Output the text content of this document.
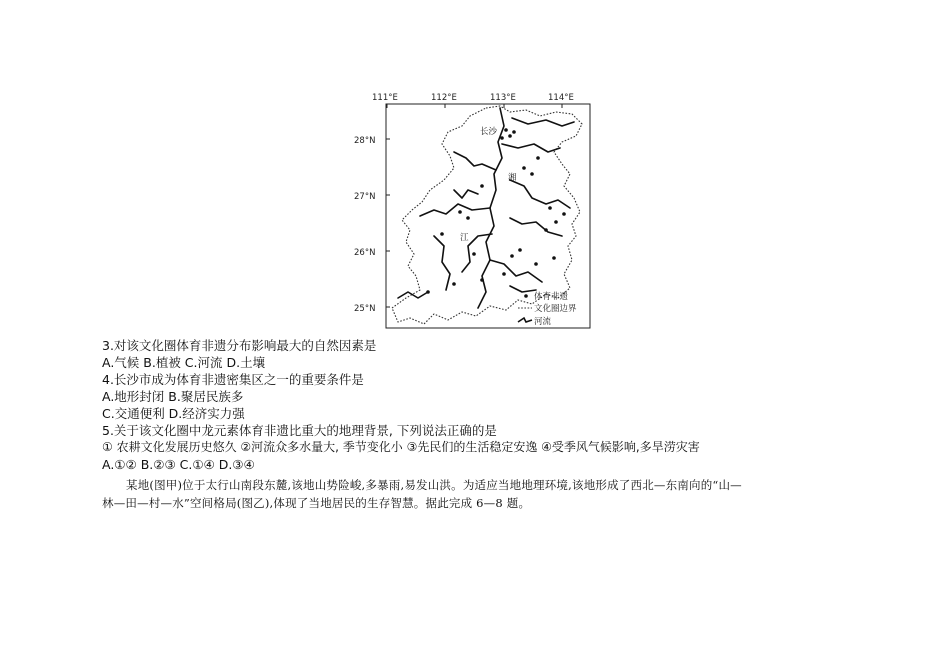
111°E	112°E	113°E	114°E
28°N
27°N
26°N
25°N
长沙
湘
江
体育非遗
文化圈边界
河流
3.对该文化圈体育非遗分布影响最大的自然因素是
A.气候 B.植被 C.河流 D.土壤
4.长沙市成为体育非遗密集区之一的重要条件是
A.地形封闭 B.聚居民族多
C.交通便利 D.经济实力强
5.关于该文化圈中龙元素体育非遗比重大的地理背景, 下列说法正确的是
① 农耕文化发展历史悠久 ②河流众多水量大, 季节变化小 ③先民们的生活稳定安逸 ④受季风气候影响,多旱涝灾害
A.①② B.②③ C.①④ D.③④
某地(图甲)位于太行山南段东麓,该地山势险峻,多暴雨,易发山洪。为适应当地地理环境,该地形成了西北—东南向的“山—
林—田—村—水”空间格局(图乙),体现了当地居民的生存智慧。据此完成 6—8 题。
